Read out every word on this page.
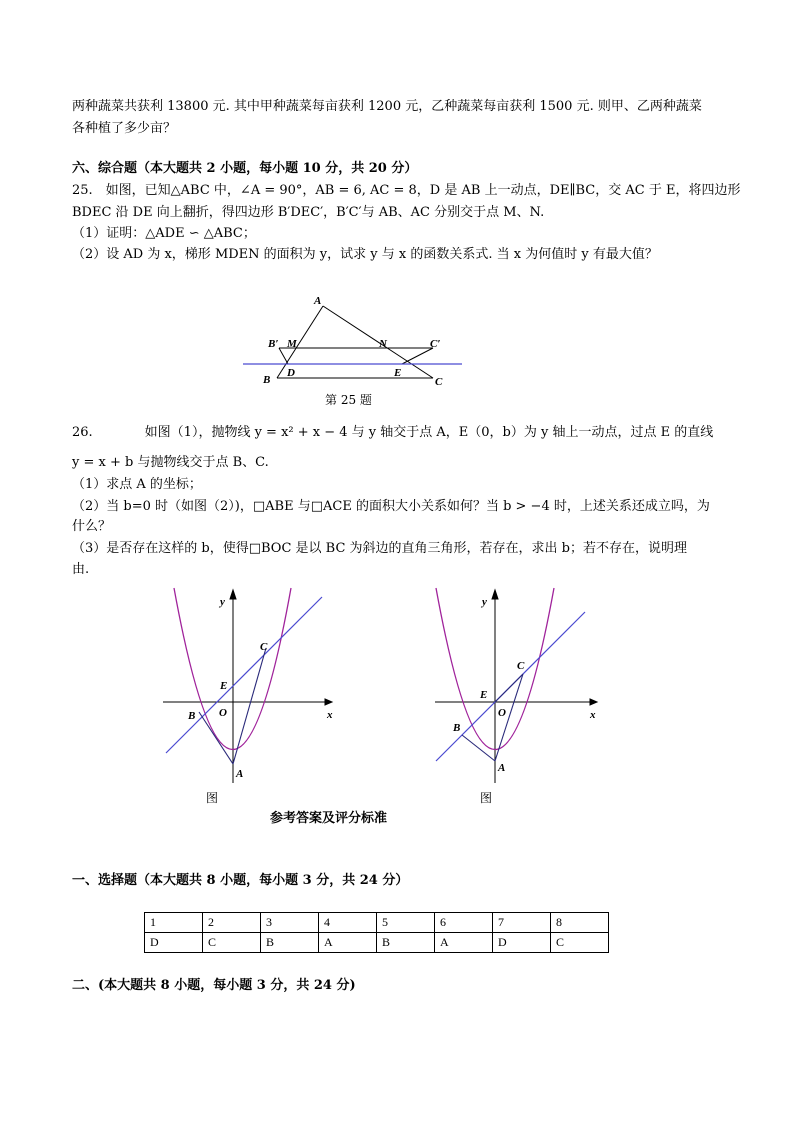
两种蔬菜共获利 13800 元. 其中甲种蔬菜每亩获利 1200 元，乙种蔬菜每亩获利 1500 元. 则甲、乙两种蔬菜
各种植了多少亩？
六、综合题（本大题共 2 小题，每小题 10 分，共 20 分）
25.　如图，已知△ABC 中，∠A = 90°，AB = 6, AC = 8，D 是 AB 上一动点，DE∥BC，交 AC 于 E，将四边形
BDEC 沿 DE 向上翻折，得四边形 B′DEC′，B′C′与 AB、AC 分别交于点 M、N.
（1）证明：△ADE ∽ △ABC；
（2）设 AD 为 x，梯形 MDEN 的面积为 y，试求 y 与 x 的函数关系式. 当 x 为何值时 y 有最大值？
A
B′ M	N	C′
D	E
B	C
第 25 题
26.　　　　如图（1），抛物线 y = x² + x − 4 与 y 轴交于点 A，E（0，b）为 y 轴上一动点，过点 E 的直线
y = x + b 与抛物线交于点 B、C.
（1）求点 A 的坐标；
（2）当 b=0 时（如图（2）)，□ABE 与□ACE 的面积大小关系如何？当 b > −4 时，上述关系还成立吗，为
什么？
（3）是否存在这样的 b，使得□BOC 是以 BC 为斜边的直角三角形，若存在，求出 b；若不存在，说明理
由.
y
x
C
E
B O
A
图
y
x
C
E
B
O
A
图
参考答案及评分标准
一、选择题（本大题共 8 小题，每小题 3 分，共 24 分）
1	2	3	4	5	6	7	8
D	C	B	A	B	A	D	C
二、(本大题共 8 小题，每小题 3 分，共 24 分)
